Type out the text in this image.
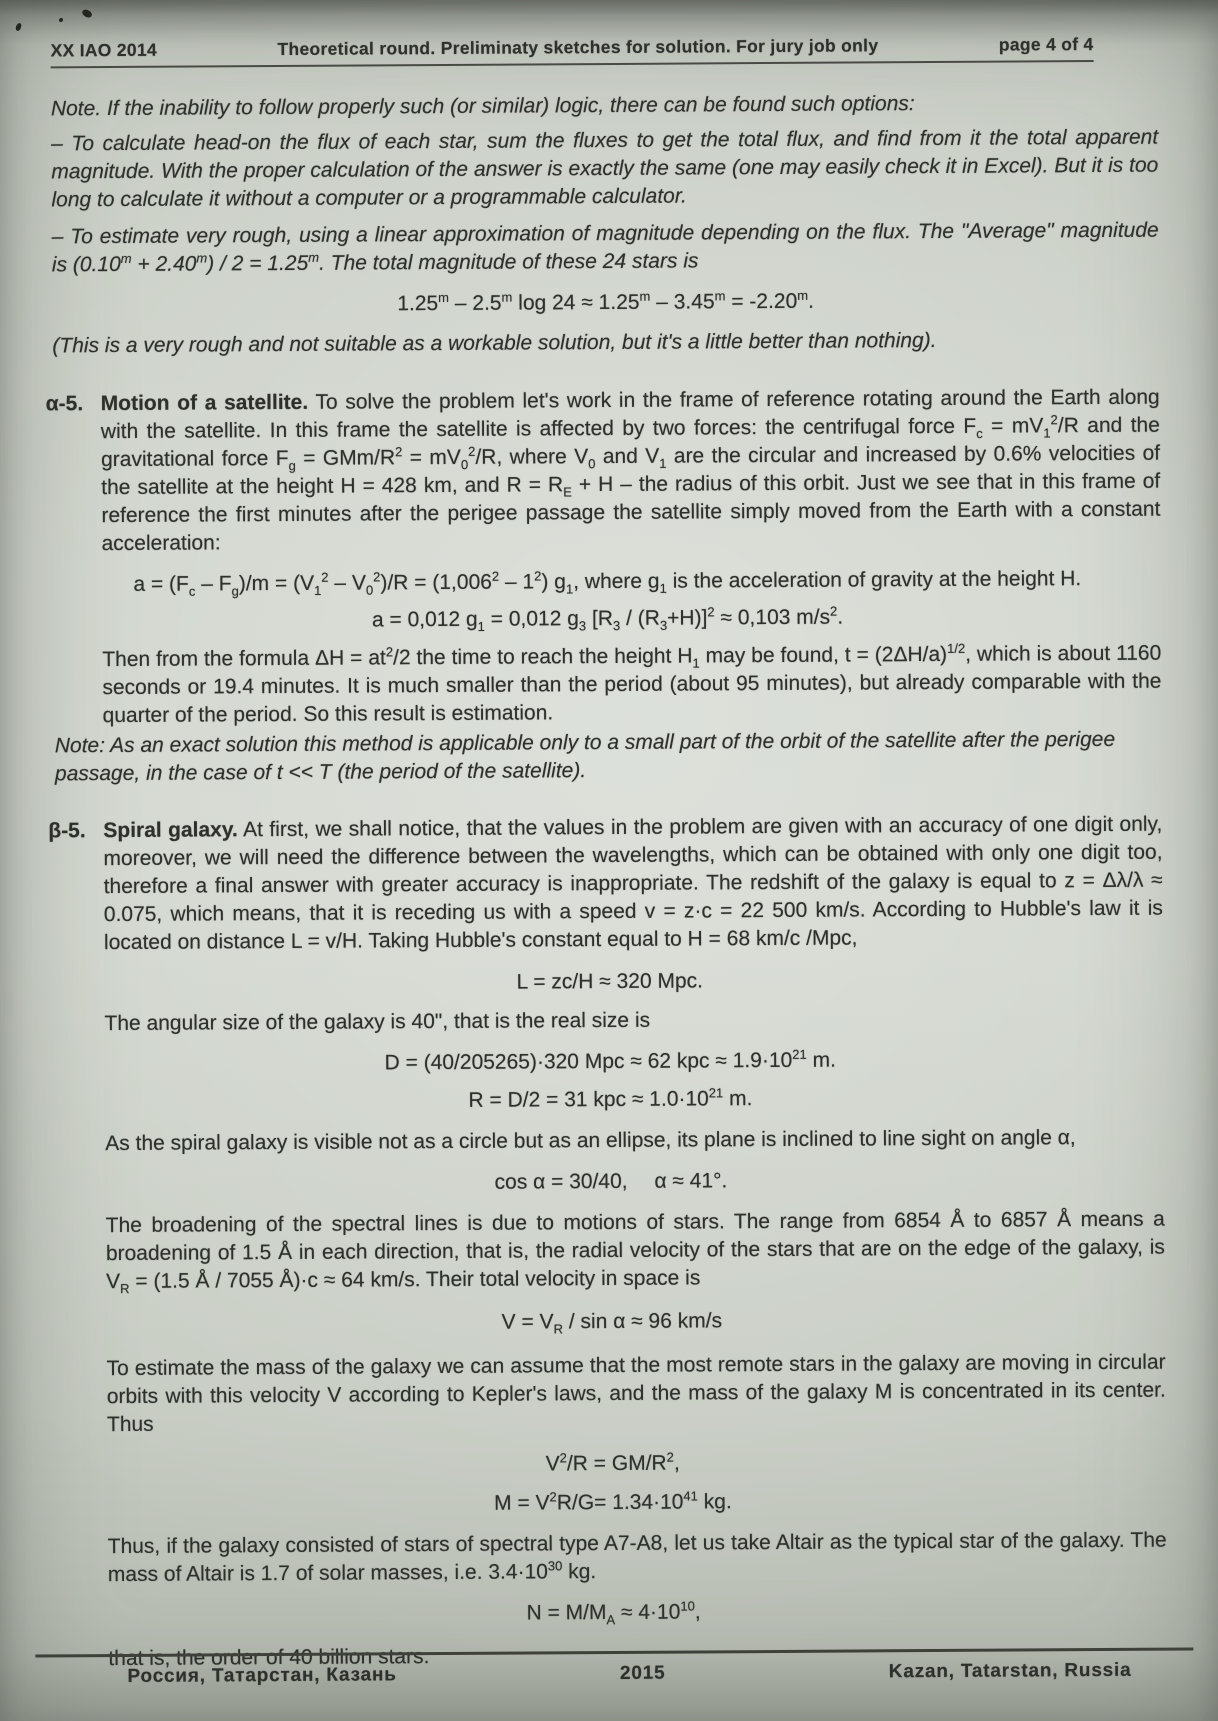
XX IAO 2014	Theoretical round. Preliminaty sketches for solution. For jury job only	page 4 of 4
Note. If the inability to follow properly such (or similar) logic, there can be found such options:
– To calculate head-on the flux of each star, sum the fluxes to get the total flux, and find from it the total apparent magnitude. With the proper calculation of the answer is exactly the same (one may easily check it in Excel). But it is too long to calculate it without a computer or a programmable calculator.
– To estimate very rough, using a linear approximation of magnitude depending on the flux. The "Average" magnitude is $(0.10^m + 2.40^m) / 2 = 1.25^m$. The total magnitude of these 24 stars is
1.25$^m$ – 2.5$^m$ $\log 24 \approx 1.25^m - 3.45^m = -2.20^m$.
(This is a very rough and not suitable as a workable solution, but it's a little better than nothing).
α-5. Motion of a satellite. To solve the problem let's work in the frame of reference rotating around the Earth along with the satellite. In this frame the satellite is affected by two forces: the centrifugal force $F_c = mV_1^2/R$ and the gravitational force $F_g = GMm/R^2 = mV_0^2/R$, where $V_0$ and $V_1$ are the circular and increased by 0.6% velocities of the satellite at the height H = 428 km, and $R = R_E + H$ – the radius of this orbit. Just we see that in this frame of reference the first minutes after the perigee passage the satellite simply moved from the Earth with a constant acceleration:
$a = (F_c - F_g)/m = (V_1^2 - V_0^2)/R = (1,006^2 - 1^2)$ $g_1$, where $g_1$ is the acceleration of gravity at the height H.
a = 0,012 $g_1 = 0,012$ $g_3$ $[R_3 / (R_3+H)]^2 \approx 0,103$ $m/s^2$.
Then from the formula $\Delta H = at^2/2$ the time to reach the height $H_1$ may be found, $t = (2\Delta H/a)^{1/2}$, which is about 1160 seconds or 19.4 minutes. It is much smaller than the period (about 95 minutes), but already comparable with the quarter of the period. So this result is estimation.
Note: As an exact solution this method is applicable only to a small part of the orbit of the satellite after the perigee passage, in the case of t << T (the period of the satellite).
β-5. Spiral galaxy. At first, we shall notice, that the values in the problem are given with an accuracy of one digit only, moreover, we will need the difference between the wavelengths, which can be obtained with only one digit too, therefore a final answer with greater accuracy is inappropriate. The redshift of the galaxy is equal to z = Δλ/λ ≈ 0.075, which means, that it is receding us with a speed v = z·c = 22 500 km/s. According to Hubble's law it is located on distance L = v/H. Taking Hubble's constant equal to H = 68 km/c /Mpc,
L = zc/H ≈ 320 Mpc.
The angular size of the galaxy is 40", that is the real size is
D = (40/205265)·320 Mpc ≈ 62 kpc ≈ $1.9\cdot 10^{21}$ m.
R = D/2 = 31 kpc ≈ $1.0\cdot 10^{21}$ m.
As the spiral galaxy is visible not as a circle but as an ellipse, its plane is inclined to line sight on angle α,
cos α = 30/40,  α ≈ 41°.
The broadening of the spectral lines is due to motions of stars. The range from 6854 Å to 6857 Å means a broadening of 1.5 Å in each direction, that is, the radial velocity of the stars that are on the edge of the galaxy, is $V_R = (1.5$ Å / 7055 Å)·c ≈ 64 km/s. Their total velocity in space is
$V = V_R / \sin \alpha \approx 96$ km/s
To estimate the mass of the galaxy we can assume that the most remote stars in the galaxy are moving in circular orbits with this velocity V according to Kepler's laws, and the mass of the galaxy M is concentrated in its center. Thus
$V^2/R = GM/R^2$,
$M = V^2R/G= 1.34\cdot 10^{41}$ kg.
Thus, if the galaxy consisted of stars of spectral type A7-A8, let us take Altair as the typical star of the galaxy. The mass of Altair is 1.7 of solar masses, i.e. $3.4\cdot 10^{30}$ kg.
$N = M/M_A \approx 4\cdot 10^{10}$,
that is, the order of 40 billion stars.
Россия, Татарстан, Казань	2015	Kazan, Tatarstan, Russia
